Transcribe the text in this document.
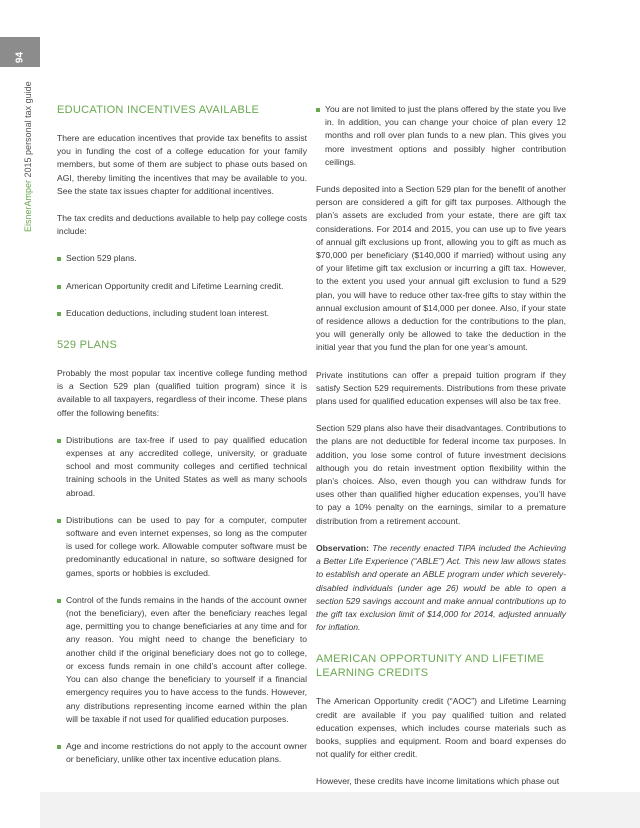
94
EisnerAmper 2015 personal tax guide EDUCATION INCENTIVES AVAILABLE

There are education incentives that provide tax benefits to assist you in funding the cost of a college education for your family members, but some of them are subject to phase outs based on AGI, thereby limiting the incentives that may be available to you. See the state tax issues chapter for additional incentives.

The tax credits and deductions available to help pay college costs include:

Section 529 plans.
American Opportunity credit and Lifetime Learning credit.
Education deductions, including student loan interest.
529 PLANS

Probably the most popular tax incentive college funding method is a Section 529 plan (qualified tuition program) since it is available to all taxpayers, regardless of their income. These plans offer the following benefits:

Distributions are tax-free if used to pay qualified education expenses at any accredited college, university, or graduate school and most community colleges and certified technical training schools in the United States as well as many schools abroad.
Distributions can be used to pay for a computer, computer software and even internet expenses, so long as the computer is used for college work. Allowable computer software must be predominantly educational in nature, so software designed for games, sports or hobbies is excluded.
Control of the funds remains in the hands of the account owner (not the beneficiary), even after the beneficiary reaches legal age, permitting you to change beneficiaries at any time and for any reason. You might need to change the beneficiary to another child if the original beneficiary does not go to college, or excess funds remain in one child’s account after college. You can also change the beneficiary to yourself if a financial emergency requires you to have access to the funds. However, any distributions representing income earned within the plan will be taxable if not used for qualified education purposes.
Age and income restrictions do not apply to the account owner or beneficiary, unlike other tax incentive education plans.
You are not limited to just the plans offered by the state you live in. In addition, you can change your choice of plan every 12 months and roll over plan funds to a new plan. This gives you more investment options and possibly higher contribution ceilings.

Funds deposited into a Section 529 plan for the benefit of another person are considered a gift for gift tax purposes. Although the plan’s assets are excluded from your estate, there are gift tax considerations. For 2014 and 2015, you can use up to five years of annual gift exclusions up front, allowing you to gift as much as $70,000 per beneficiary ($140,000 if married) without using any of your lifetime gift tax exclusion or incurring a gift tax. However, to the extent you used your annual gift exclusion to fund a 529 plan, you will have to reduce other tax-free gifts to stay within the annual exclusion amount of $14,000 per donee. Also, if your state of residence allows a deduction for the contributions to the plan, you will generally only be allowed to take the deduction in the initial year that you fund the plan for one year’s amount.

Private institutions can offer a prepaid tuition program if they satisfy Section 529 requirements. Distributions from these private plans used for qualified education expenses will also be tax free.

Section 529 plans also have their disadvantages. Contributions to the plans are not deductible for federal income tax purposes. In addition, you lose some control of future investment decisions although you do retain investment option flexibility within the plan’s choices. Also, even though you can withdraw funds for uses other than qualified higher education expenses, you’ll have to pay a 10% penalty on the earnings, similar to a premature distribution from a retirement account.

Observation: The recently enacted TIPA included the Achieving a Better Life Experience (“ABLE”) Act. This new law allows states to establish and operate an ABLE program under which severely-disabled individuals (under age 26) would be able to open a section 529 savings account and make annual contributions up to the gift tax exclusion limit of $14,000 for 2014, adjusted annually for inflation.

AMERICAN OPPORTUNITY AND LIFETIME LEARNING CREDITS

The American Opportunity credit (“AOC”) and Lifetime Learning credit are available if you pay qualified tuition and related education expenses, which includes course materials such as books, supplies and equipment. Room and board expenses do not qualify for either credit.

However, these credits have income limitations which phase out
